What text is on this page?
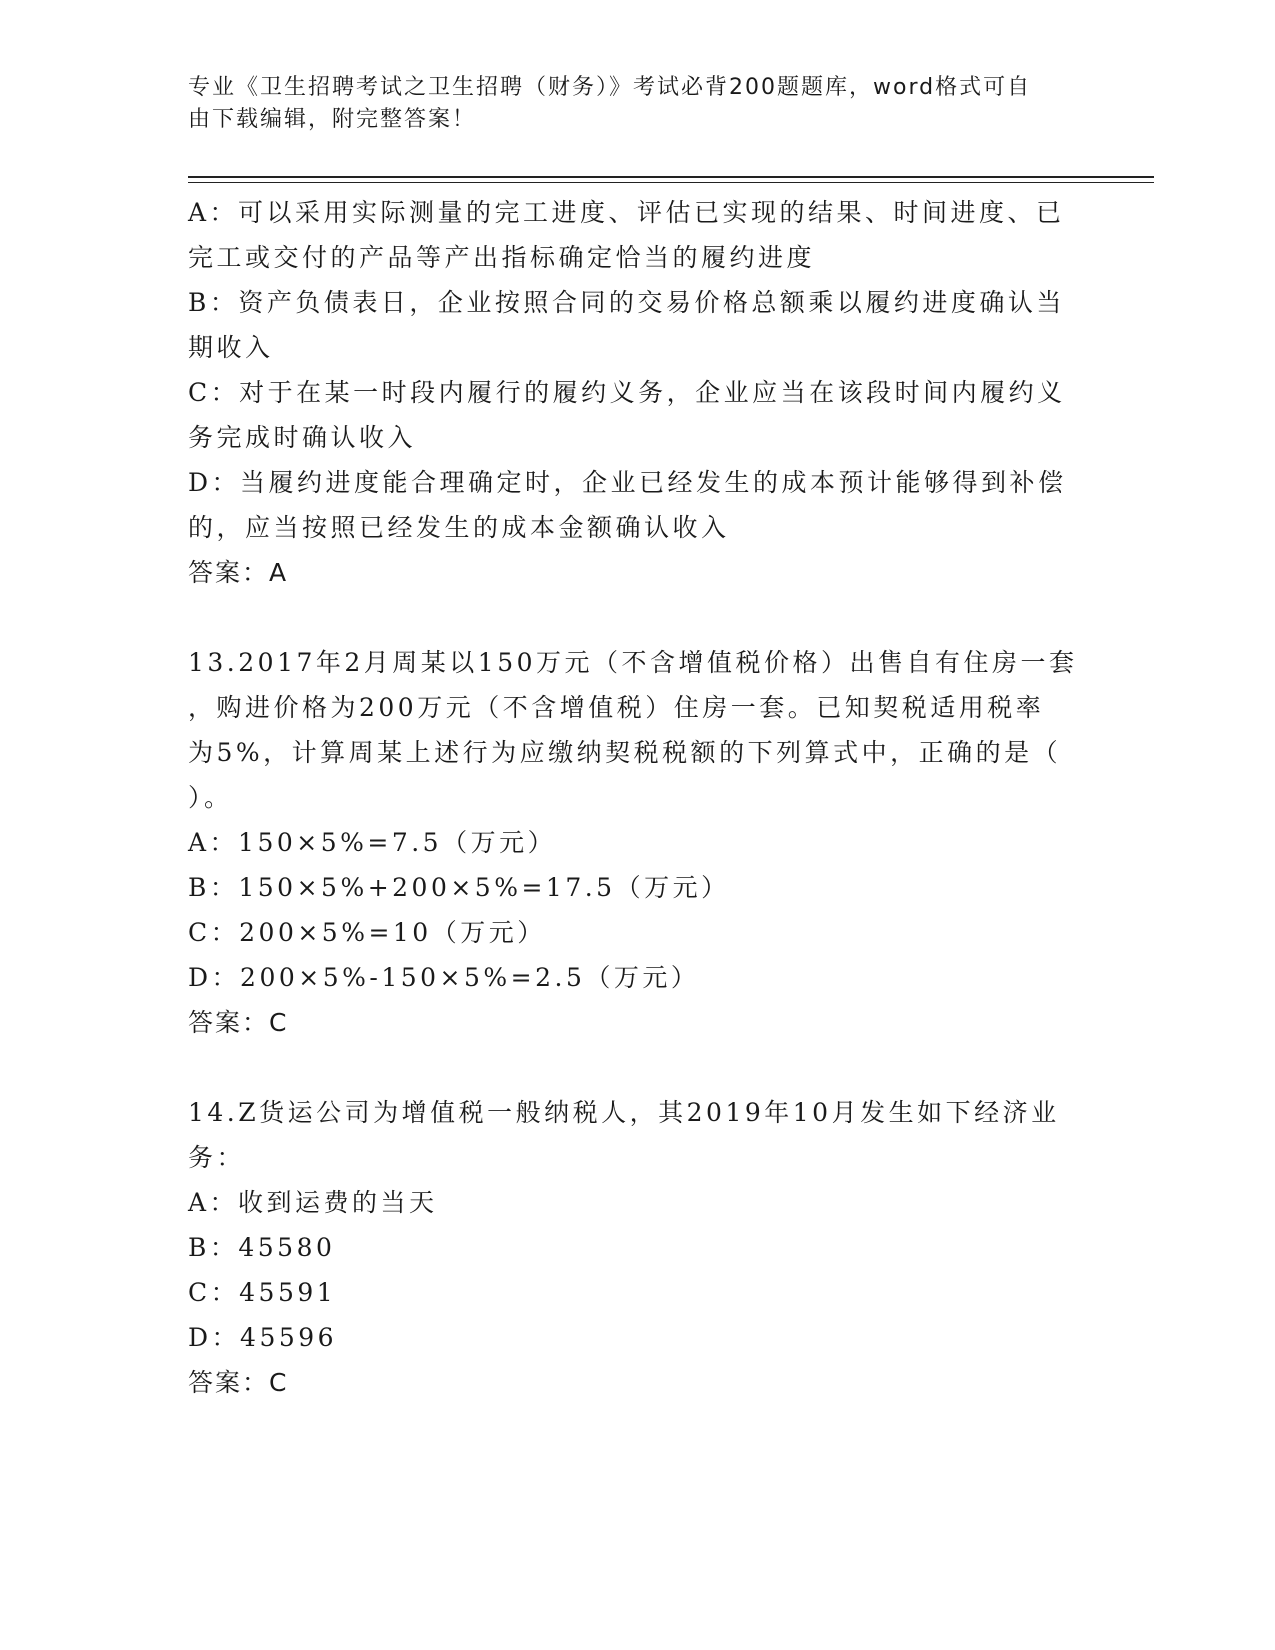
专业《卫生招聘考试之卫生招聘（财务）》考试必背200题题库，word格式可自
由下载编辑，附完整答案！
A：可以采用实际测量的完工进度、评估已实现的结果、时间进度、已
完工或交付的产品等产出指标确定恰当的履约进度
B：资产负债表日，企业按照合同的交易价格总额乘以履约进度确认当
期收入
C：对于在某一时段内履行的履约义务，企业应当在该段时间内履约义
务完成时确认收入
D：当履约进度能合理确定时，企业已经发生的成本预计能够得到补偿
的，应当按照已经发生的成本金额确认收入
答案：A
13.2017年2月周某以150万元（不含增值税价格）出售自有住房一套
，购进价格为200万元（不含增值税）住房一套。已知契税适用税率
为5%，计算周某上述行为应缴纳契税税额的下列算式中，正确的是（
）。
A：150×5%=7.5（万元）
B：150×5%+200×5%=17.5（万元）
C：200×5%=10（万元）
D：200×5%-150×5%=2.5（万元）
答案：C
14.Z货运公司为增值税一般纳税人，其2019年10月发生如下经济业
务：
A：收到运费的当天
B：45580
C：45591
D：45596
答案：C
